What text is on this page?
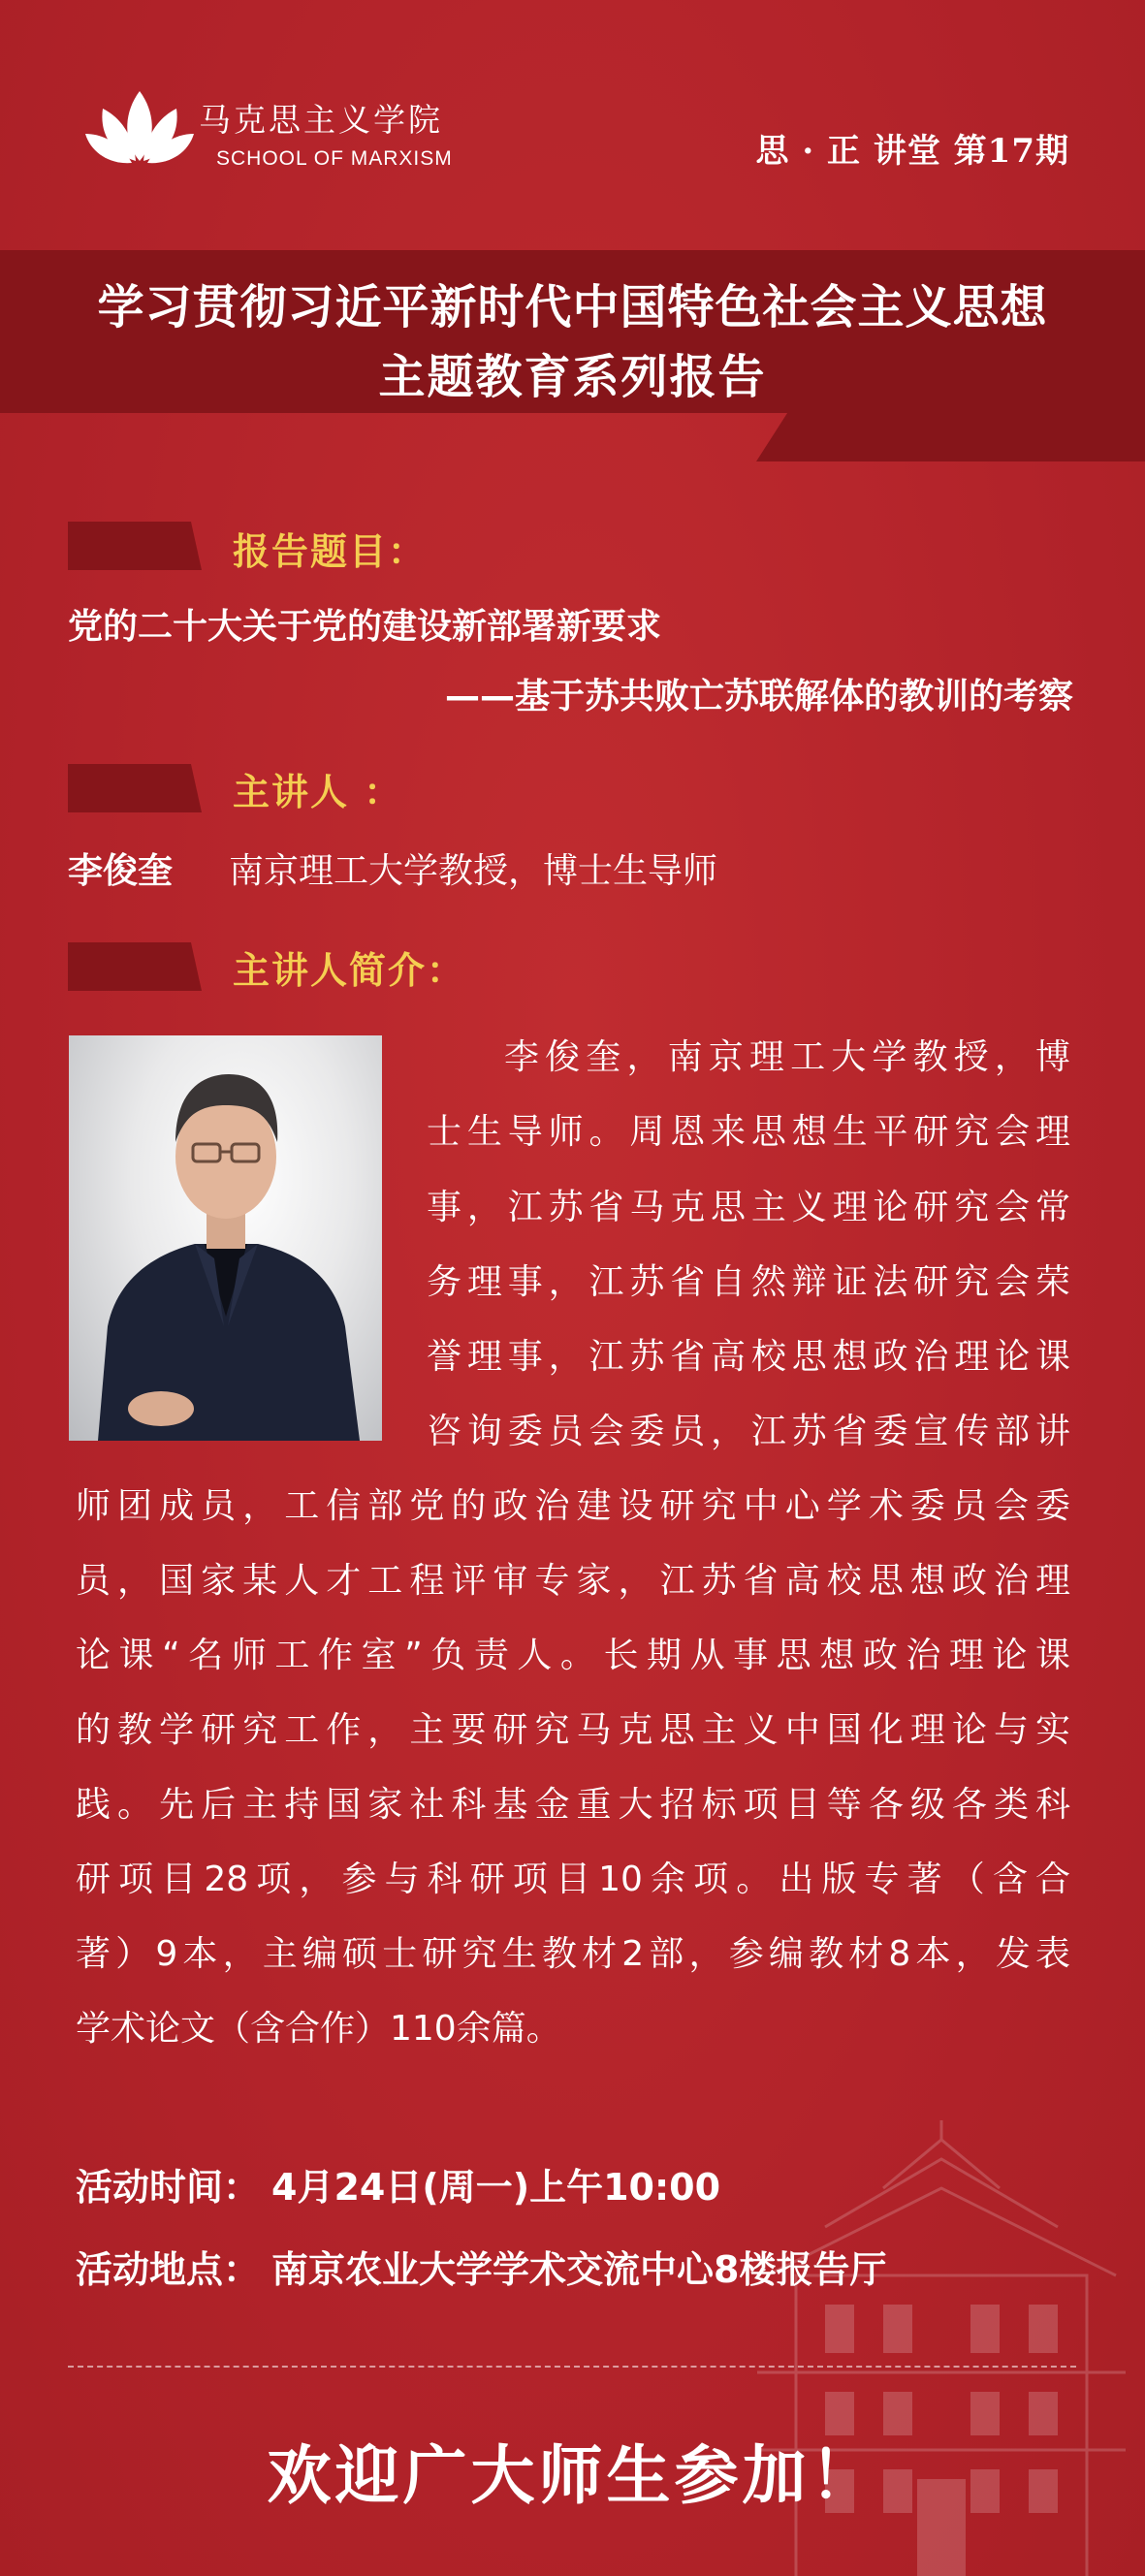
马克思主义学院
SCHOOL OF MARXISM	思 · 正 讲堂 第17期
学习贯彻习近平新时代中国特色社会主义思想
主题教育系列报告
报告题目：
党的二十大关于党的建设新部署新要求
——基于苏共败亡苏联解体的教训的考察
主讲人 ：
李俊奎 南京理工大学教授，博士生导师
主讲人简介：
李俊奎，南京理工大学教授，博
士生导师。周恩来思想生平研究会理
事，江苏省马克思主义理论研究会常
务理事，江苏省自然辩证法研究会荣
誉理事，江苏省高校思想政治理论课
咨询委员会委员，江苏省委宣传部讲
师团成员，工信部党的政治建设研究中心学术委员会委
员，国家某人才工程评审专家，江苏省高校思想政治理
论课“名师工作室”负责人。长期从事思想政治理论课
的教学研究工作，主要研究马克思主义中国化理论与实
践。先后主持国家社科基金重大招标项目等各级各类科
研项目28项，参与科研项目10余项。出版专著（含合
著）9本，主编硕士研究生教材2部，参编教材8本，发表
学术论文（含合作）110余篇。
活动时间： 4月24日(周一)上午10:00
活动地点： 南京农业大学学术交流中心8楼报告厅
欢迎广大师生参加！
